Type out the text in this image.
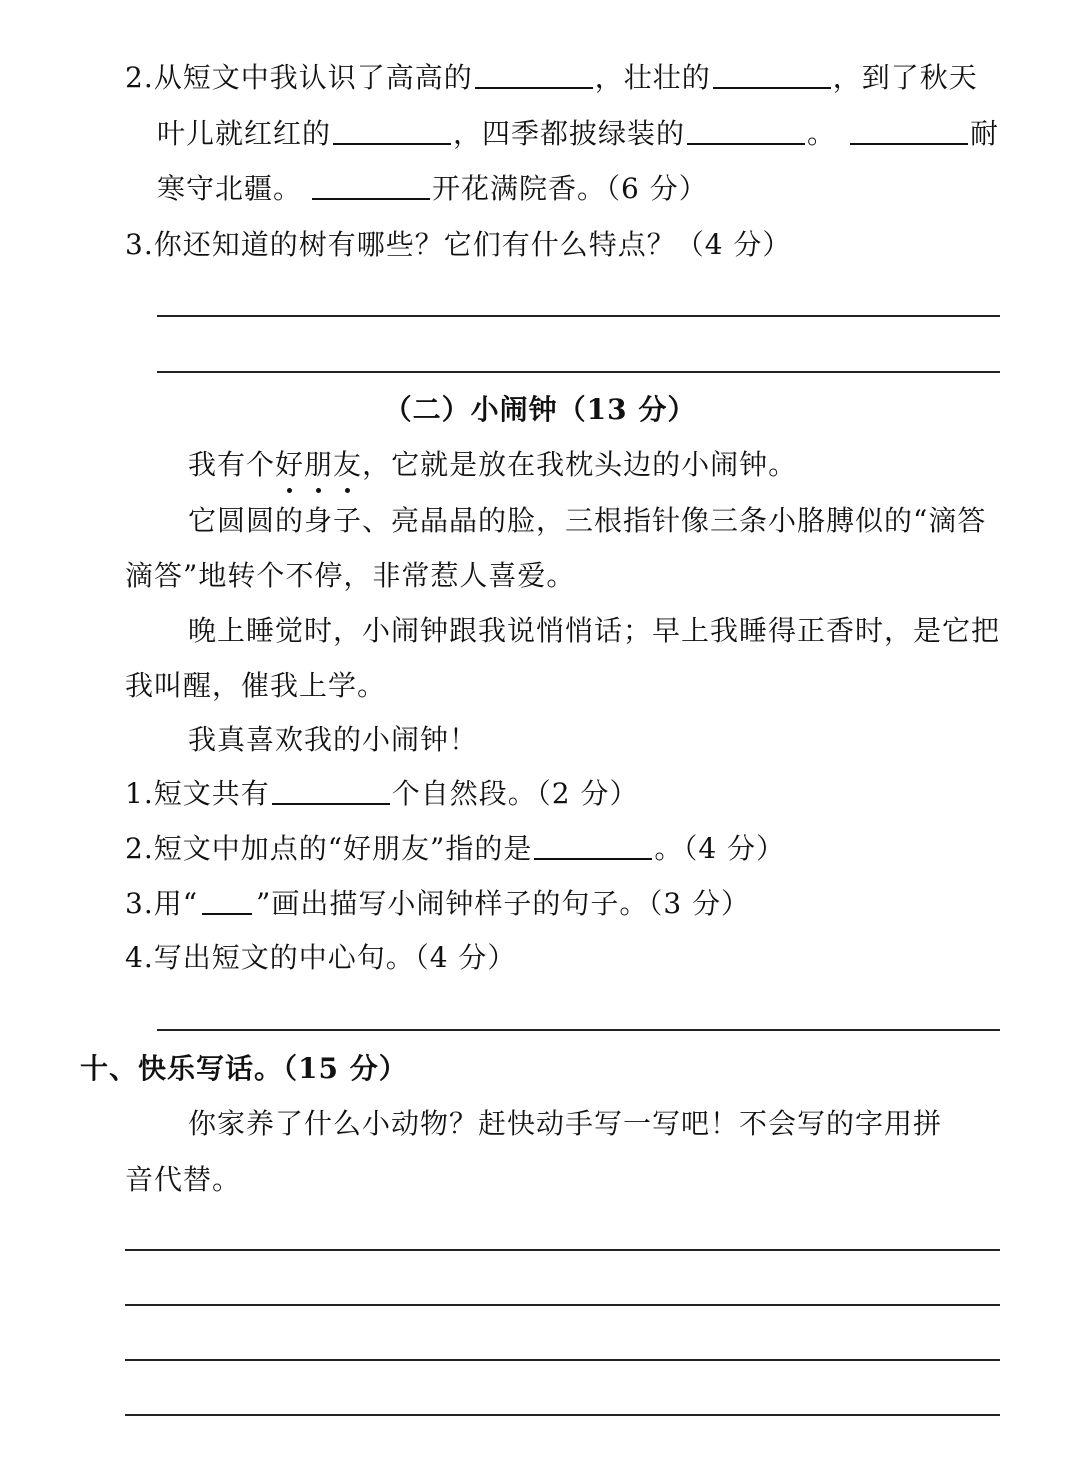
2.从短文中我认识了高高的	，壮壮的	，到了秋天
叶儿就红红的	，四季都披绿装的	。	耐
寒守北疆。	开花满院香。（6 分）
3.你还知道的树有哪些？它们有什么特点？（4 分）
（二）小闹钟（13 分）
我有个好朋友，它就是放在我枕头边的小闹钟。
它圆圆的身子、亮晶晶的脸，三根指针像三条小胳膊似的“滴答
滴答”地转个不停，非常惹人喜爱。
晚上睡觉时，小闹钟跟我说悄悄话；早上我睡得正香时，是它把
我叫醒，催我上学。
我真喜欢我的小闹钟！
1.短文共有	个自然段。（2 分）
2.短文中加点的“好朋友”指的是	。（4 分）
3.用“ ”画出描写小闹钟样子的句子。（3 分）
4.写出短文的中心句。（4 分）
十、快乐写话。（15 分）
你家养了什么小动物？赶快动手写一写吧！不会写的字用拼
音代替。
